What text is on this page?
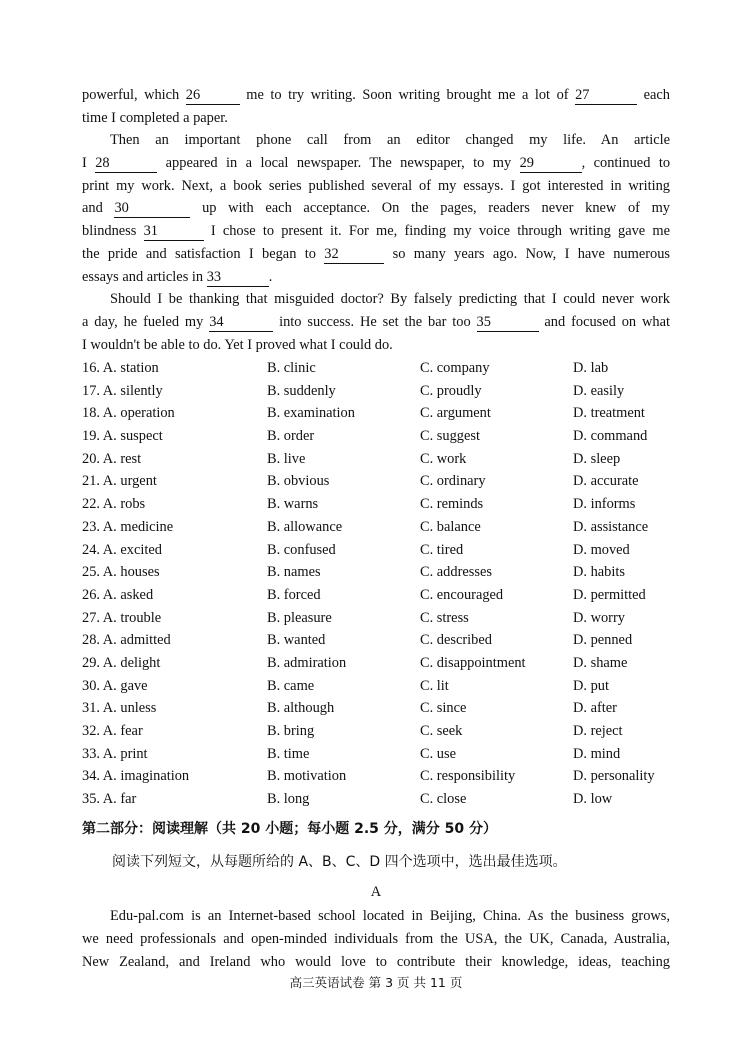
powerful, which 26	me to try writing. Soon writing brought me a lot of 27	each
time I completed a paper.
Then an important phone call from an editor changed my life. An article
I 28	appeared in a local newspaper. The newspaper, to my 29	, continued to
print my work. Next, a book series published several of my essays. I got interested in writing
and 30	up with each acceptance. On the pages, readers never knew of my
blindness 31	I chose to present it. For me, finding my voice through writing gave me
the pride and satisfaction I began to 32	so many years ago. Now, I have numerous
essays and articles in 33	.
Should I be thanking that misguided doctor? By falsely predicting that I could never work
a day, he fueled my 34	into success. He set the bar too 35	and focused on what
I wouldn't be able to do. Yet I proved what I could do.
16. A. station	B. clinic	C. company	D. lab
17. A. silently	B. suddenly	C. proudly	D. easily
18. A. operation	B. examination	C. argument	D. treatment
19. A. suspect	B. order	C. suggest	D. command
20. A. rest	B. live	C. work	D. sleep
21. A. urgent	B. obvious	C. ordinary	D. accurate
22. A. robs	B. warns	C. reminds	D. informs
23. A. medicine	B. allowance	C. balance	D. assistance
24. A. excited	B. confused	C. tired	D. moved
25. A. houses	B. names	C. addresses	D. habits
26. A. asked	B. forced	C. encouraged	D. permitted
27. A. trouble	B. pleasure	C. stress	D. worry
28. A. admitted	B. wanted	C. described	D. penned
29. A. delight	B. admiration	C. disappointment	D. shame
30. A. gave	B. came	C. lit	D. put
31. A. unless	B. although	C. since	D. after
32. A. fear	B. bring	C. seek	D. reject
33. A. print	B. time	C. use	D. mind
34. A. imagination	B. motivation	C. responsibility	D. personality
35. A. far	B. long	C. close	D. low
第二部分：阅读理解（共 20 小题；每小题 2.5 分，满分 50 分）
阅读下列短文，从每题所给的 A、B、C、D 四个选项中，选出最佳选项。
A
Edu-pal.com is an Internet-based school located in Beijing, China. As the business grows,
we need professionals and open-minded individuals from the USA, the UK, Canada, Australia,
New Zealand, and Ireland who would love to contribute their knowledge, ideas, teaching
高三英语试卷 第 3 页 共 11 页
